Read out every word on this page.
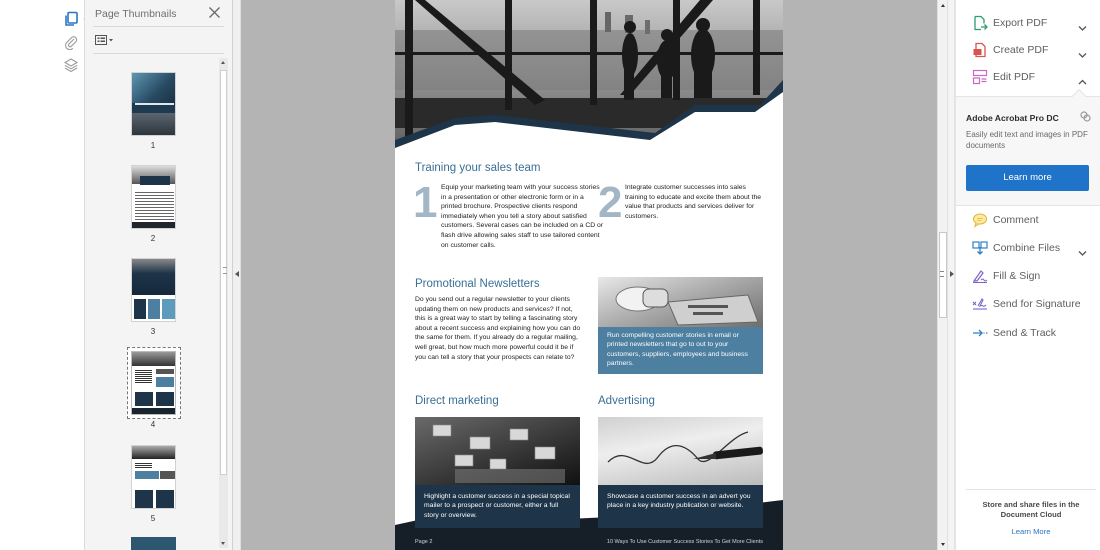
Page Thumbnails
1
2
3
4
5
Training your sales team
1 Equip your marketing team with your success stories in a presentation or other electronic form or in a printed brochure. Prospective clients respond immediately when you tell a story about satisfied customers. Several cases can be included on a CD or flash drive allowing sales staff to use tailored content on customer calls.
2 Integrate customer successes into sales training to educate and excite them about the value that products and services deliver for customers.
Promotional Newsletters
Do you send out a regular newsletter to your clients updating them on new products and services? If not, this is a great way to start by telling a fascinating story about a recent success and explaining how you can do the same for them. If you already do a regular mailing, well great, but how much more powerful could it be if you can tell a story that your prospects can relate to?
Run compelling customer stories in email or printed newsletters that go to out to your customers, suppliers, employees and business partners.
Direct marketing
Highlight a customer success in a special topical mailer to a prospect or customer, either a full story or overview.
Advertising
Showcase a customer success in an advert you place in a key industry publication or website.
Page 2	10 Ways To Use Customer Success Stories To Get More Clients
Export PDF
Create PDF
Edit PDF
Adobe Acrobat Pro DC
Easily edit text and images in PDF documents
Learn more
Comment
Combine Files
Fill & Sign
Send for Signature
Send & Track
Store and share files in the Document Cloud
Learn More
